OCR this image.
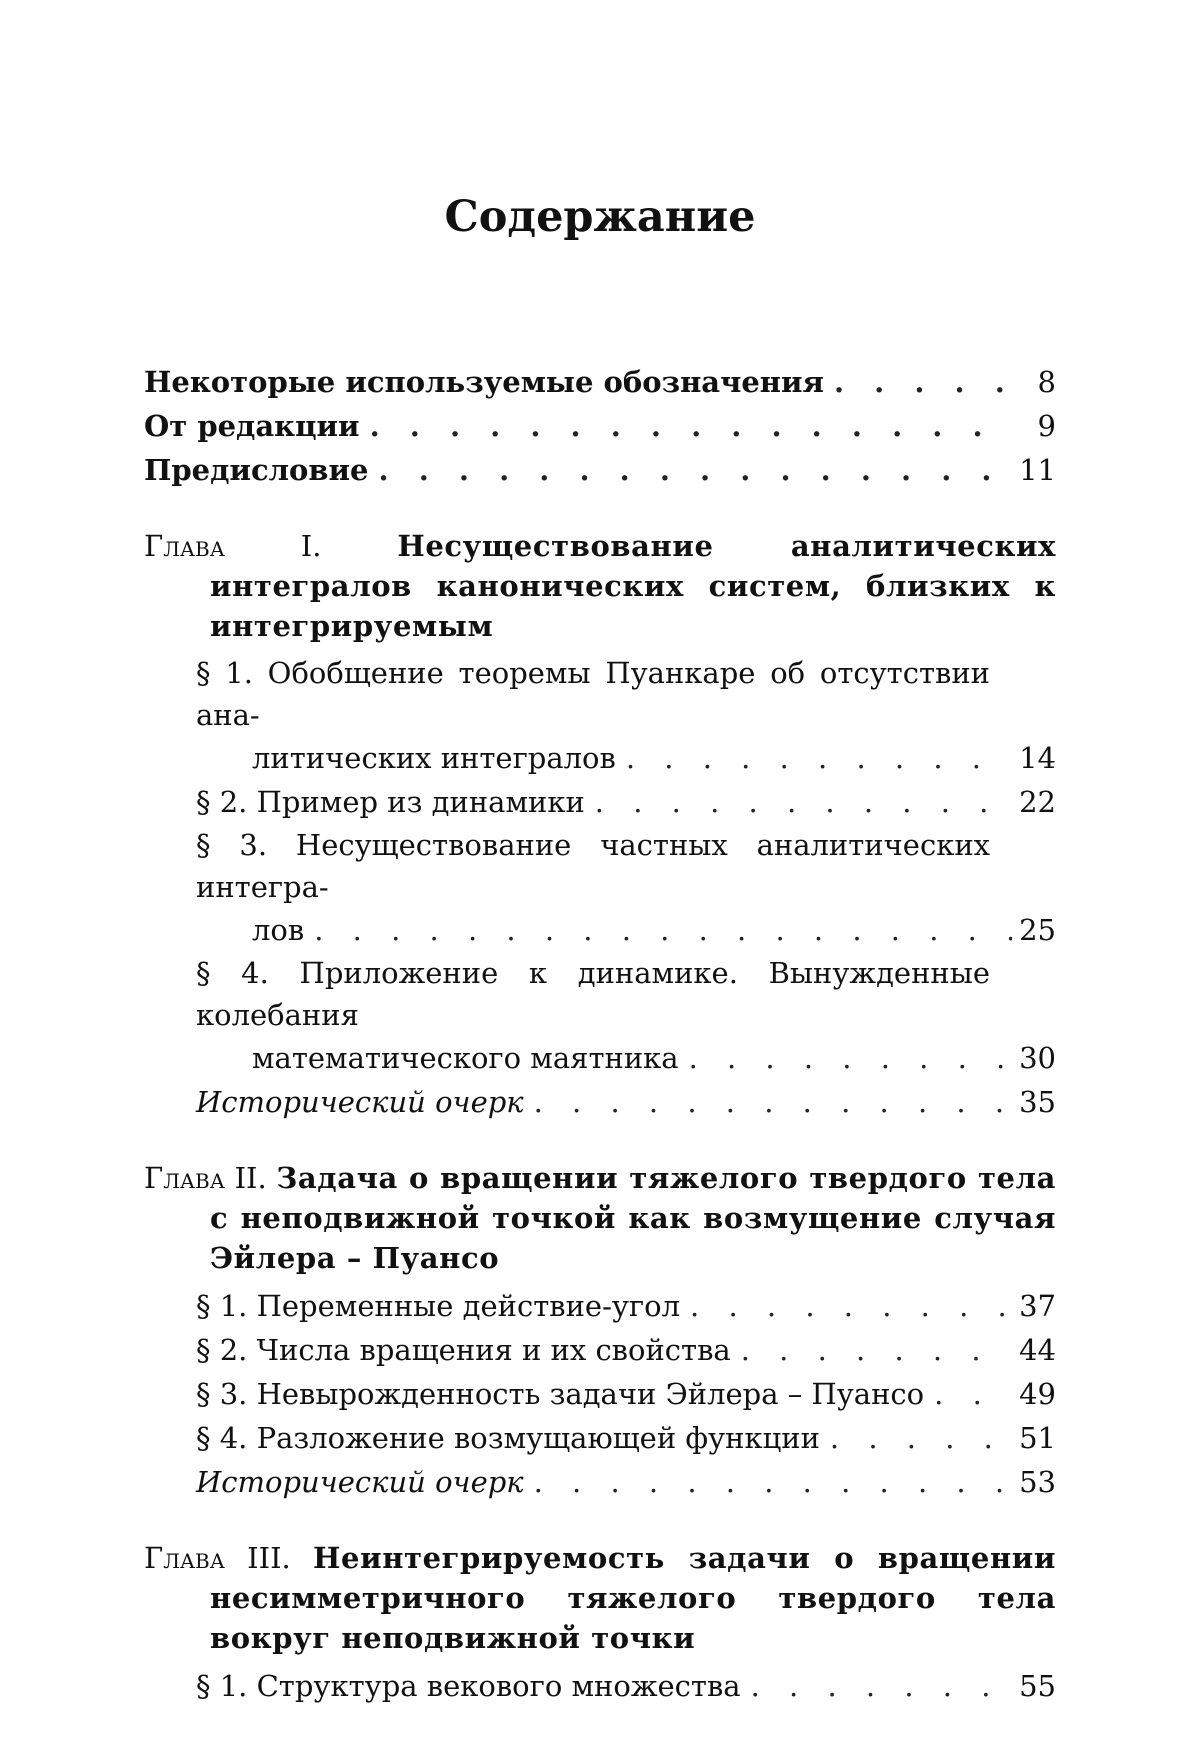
Содержание
Некоторые используемые обозначения . . .	8
От редакции . . .	9
Предисловие . . .	11
Глава I.	Несуществование аналитических интегралов канонических систем, близких к интегрируемым
§ 1. Обобщение теоремы Пуанкаре об отсутствии ана-
литических интегралов . . .	14
§ 2. Пример из динамики . . .	22
§ 3. Несуществование частных аналитических интегра-
лов . . .	25
§ 4. Приложение к динамике. Вынужденные колебания
математического маятника . . .	30
Исторический очерк . . .	35
Глава II. Задача о вращении тяжелого твердого тела с неподвижной точкой как возмущение случая Эйлера – Пуансо
§ 1. Переменные действие-угол . . .	37
§ 2. Числа вращения и их свойства . . .	44
§ 3. Невырожденность задачи Эйлера – Пуансо . . .	49
§ 4. Разложение возмущающей функции . . .	51
Исторический очерк . . .	53
Глава III. Неинтегрируемость задачи о вращении несимметричного тяжелого твердого тела вокруг неподвижной точки
§ 1. Структура векового множества . . .	55
